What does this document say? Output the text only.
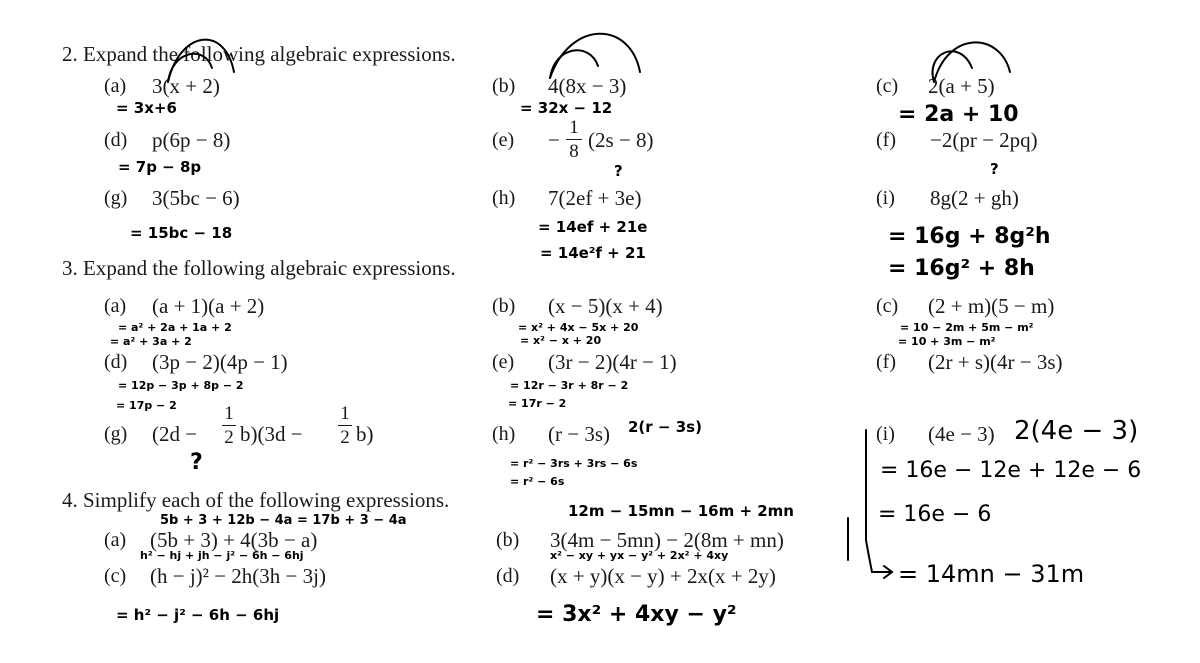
2. Expand the following algebraic expressions.
(a) 3(x + 2)
= 3x+6
(b) 4(8x − 3)
= 32x − 12
(c) 2(a + 5)
= 2a + 10
(d) p(6p − 8)
= 7p − 8p
(e) −
1
8 (2s − 8)
?
(f) −2(pr − 2pq)
?
(g) 3(5bc − 6)
= 15bc − 18
(h) 7(2ef + 3e)
= 14ef + 21e
= 14e²f + 21
(i) 8g(2 + gh)
= 16g + 8g²h
= 16g² + 8h
3. Expand the following algebraic expressions.
(a) (a + 1)(a + 2)
= a² + 2a + 1a + 2
= a² + 3a + 2
(b) (x − 5)(x + 4)
= x² + 4x − 5x + 20
= x² − x + 20
(c) (2 + m)(5 − m)
= 10 − 2m + 5m − m²
= 10 + 3m − m²
(d) (3p − 2)(4p − 1)
= 12p − 3p + 8p − 2
= 17p − 2
(e) (3r − 2)(4r − 1)
= 12r − 3r + 8r − 2
= 17r − 2
(f) (2r + s)(4r − 3s)
(g) (2d −
1
2 b)(3d −
1
2 b)
?
(h) (r − 3s) 2(r − 3s)
= r² − 3rs + 3rs − 6s
= r² − 6s
(i) (4e − 3) 2(4e − 3)
= 16e − 12e + 12e − 6
= 16e − 6
4. Simplify each of the following expressions.
5b + 3 + 12b − 4a = 17b + 3 − 4a
(a) (5b + 3) + 4(3b − a)
12m − 15mn − 16m + 2mn
(b) 3(4m − 5mn) − 2(8m + mn)
= 14mn − 31m
h² − hj + jh − j² − 6h − 6hj
(c) (h − j)² − 2h(3h − 3j)
= h² − j² − 6h − 6hj
x² − xy + yx − y² + 2x² + 4xy
(d) (x + y)(x − y) + 2x(x + 2y)
= 3x² + 4xy − y²
